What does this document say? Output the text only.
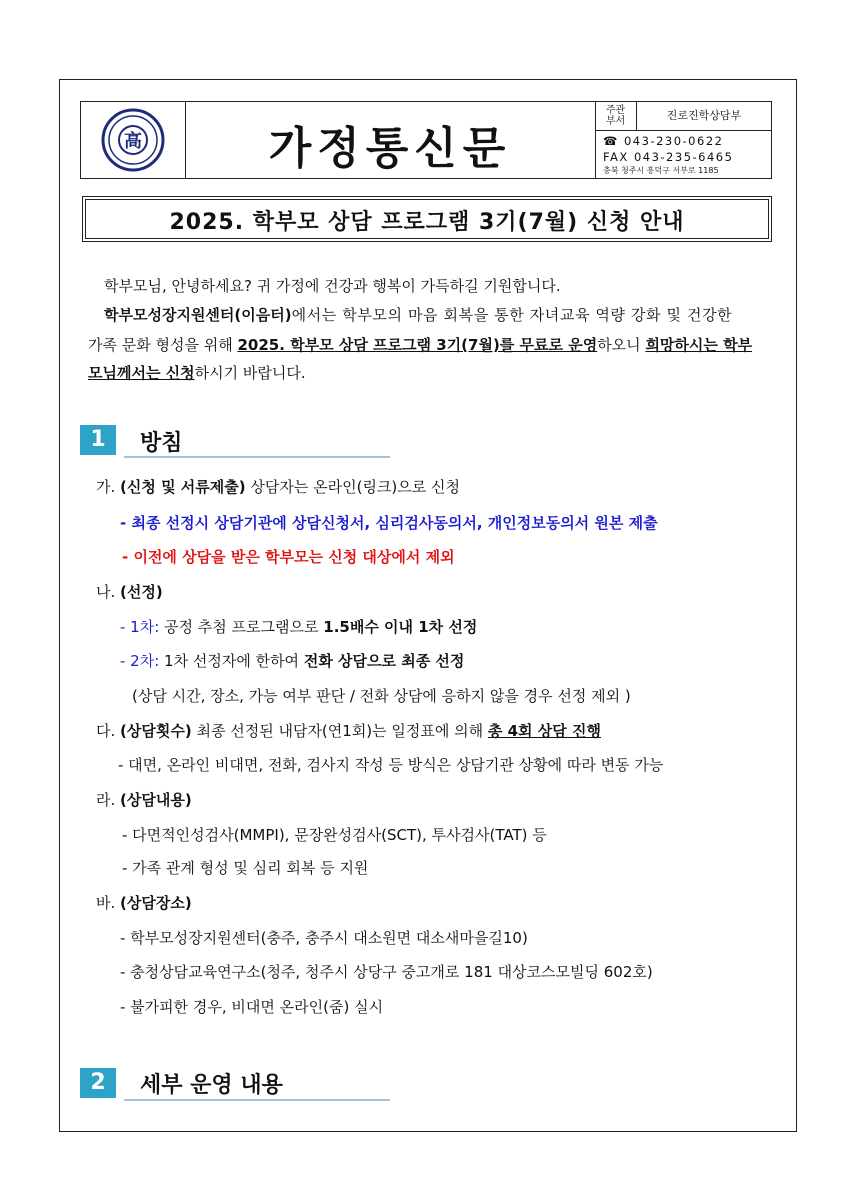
高	가정통신문
주관
부서	진로진학상담부
☎ 043-230-0622
FAX 043-235-6465
충북 청주시 흥덕구 서부로 1185
2025. 학부모 상담 프로그램 3기(7월) 신청 안내
학부모님, 안녕하세요? 귀 가정에 건강과 행복이 가득하길 기원합니다.
학부모성장지원센터(이음터)에서는 학부모의 마음 회복을 통한 자녀교육 역량 강화 및 건강한
가족 문화 형성을 위해 2025. 학부모 상담 프로그램 3기(7월)를 무료로 운영하오니 희망하시는 학부
모님께서는 신청하시기 바랍니다.
1	방침
가. (신청 및 서류제출) 상담자는 온라인(링크)으로 신청
- 최종 선정시 상담기관에 상담신청서, 심리검사동의서, 개인정보동의서 원본 제출
- 이전에 상담을 받은 학부모는 신청 대상에서 제외
나. (선정)
- 1차: 공정 추첨 프로그램으로 1.5배수 이내 1차 선정
- 2차: 1차 선정자에 한하여 전화 상담으로 최종 선정
(상담 시간, 장소, 가능 여부 판단 / 전화 상담에 응하지 않을 경우 선정 제외 )
다. (상담횟수) 최종 선정된 내담자(연1회)는 일정표에 의해 총 4회 상담 진행
- 대면, 온라인 비대면, 전화, 검사지 작성 등 방식은 상담기관 상황에 따라 변동 가능
라. (상담내용)
- 다면적인성검사(MMPI), 문장완성검사(SCT), 투사검사(TAT) 등
- 가족 관계 형성 및 심리 회복 등 지원
바. (상담장소)
- 학부모성장지원센터(충주, 충주시 대소원면 대소새마을길10)
- 충청상담교육연구소(청주, 청주시 상당구 중고개로 181 대상코스모빌딩 602호)
- 불가피한 경우, 비대면 온라인(줌) 실시
2	세부 운영 내용
